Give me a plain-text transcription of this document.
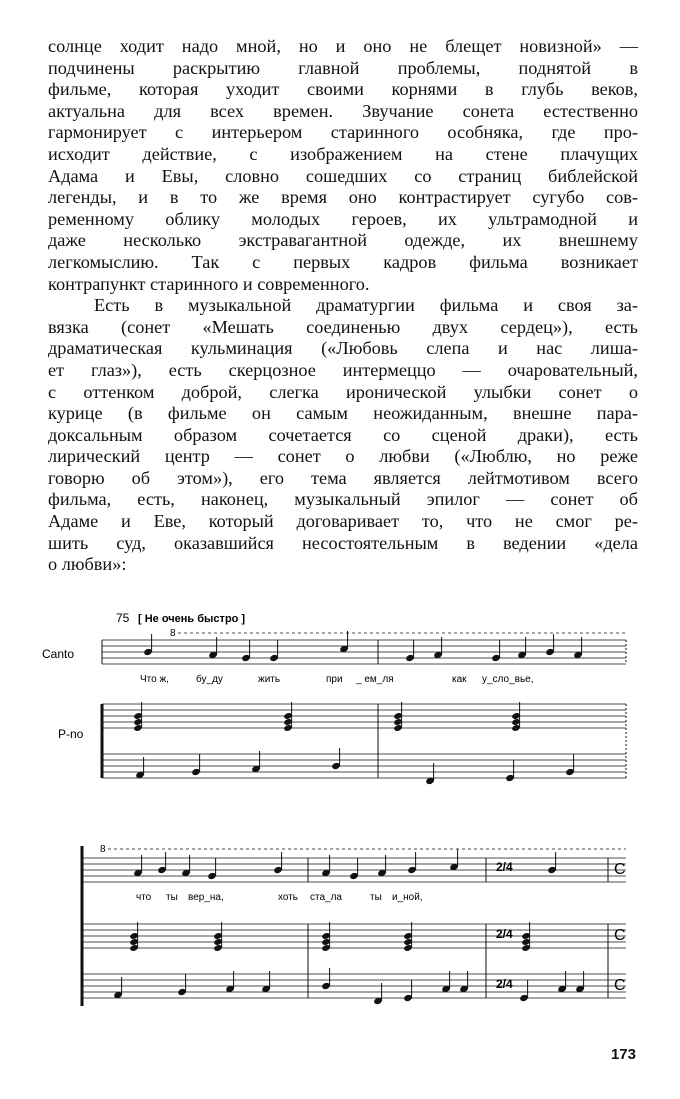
солнце ходит надо мной, но и оно не блещет новизной» —
подчинены раскрытию главной проблемы, поднятой в
фильме, которая уходит своими корнями в глубь веков,
актуальна для всех времен. Звучание сонета естественно
гармонирует с интерьером старинного особняка, где про-
исходит действие, с изображением на стене плачущих
Адама и Евы, словно сошедших со страниц библейской
легенды, и в то же время оно контрастирует сугубо сов-
ременному облику молодых героев, их ультрамодной и
даже несколько экстравагантной одежде, их внешнему
легкомыслию. Так с первых кадров фильма возникает
контрапункт старинного и современного.
Есть в музыкальной драматургии фильма и своя за-
вязка (сонет «Мешать соединенью двух сердец»), есть
драматическая кульминация («Любовь слепа и нас лиша-
ет глаз»), есть скерцозное интермеццо — очаровательный,
с оттенком доброй, слегка иронической улыбки сонет о
курице (в фильме он самым неожиданным, внешне пара-
доксальным образом сочетается со сценой драки), есть
лирический центр — сонет о любви («Люблю, но реже
говорю об этом»), его тема является лейтмотивом всего
фильма, есть, наконец, музыкальный эпилог — сонет об
Адаме и Еве, который договаривает то, что не смог ре-
шить суд, оказавшийся несостоятельным в ведении «дела
о любви»:
75 [ Не очень быстро ]
Canto
P-no
8
Что ж,	бу_ду	жить	при _ ем_ля	как у_сло_вье,
8
2/4
2/4
2/4
C
C
C
что ты вер_на,	хоть ста_ла	ты и_ной,
173
